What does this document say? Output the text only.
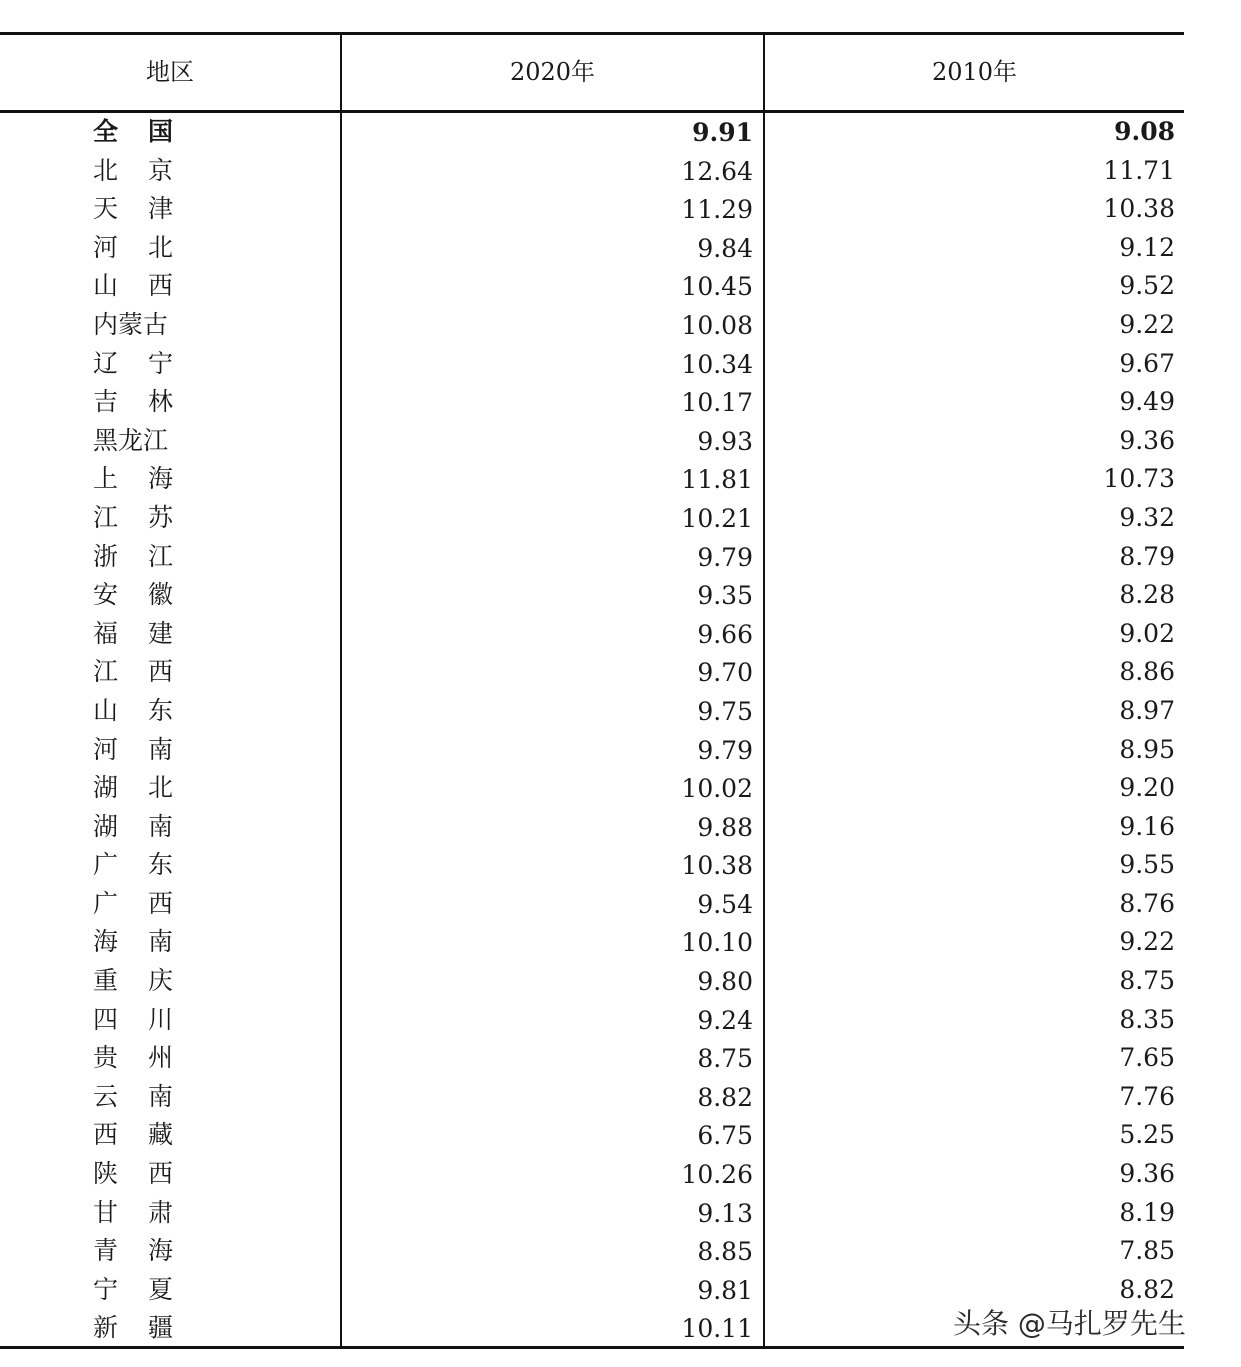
地区	2020年	2010年
全 国	9.91	9.08
北 京	12.64	11.71
天 津	11.29	10.38
河 北	9.84	9.12
山 西	10.45	9.52
内蒙古	10.08	9.22
辽 宁	10.34	9.67
吉 林	10.17	9.49
黑龙江	9.93	9.36
上 海	11.81	10.73
江 苏	10.21	9.32
浙 江	9.79	8.79
安 徽	9.35	8.28
福 建	9.66	9.02
江 西	9.70	8.86
山 东	9.75	8.97
河 南	9.79	8.95
湖 北	10.02	9.20
湖 南	9.88	9.16
广 东	10.38	9.55
广 西	9.54	8.76
海 南	10.10	9.22
重 庆	9.80	8.75
四 川	9.24	8.35
贵 州	8.75	7.65
云 南	8.82	7.76
西 藏	6.75	5.25
陕 西	10.26	9.36
甘 肃	9.13	8.19
青 海	8.85	7.85
宁 夏	9.81	8.82
新 疆	10.11	头条 @马扎罗先生
